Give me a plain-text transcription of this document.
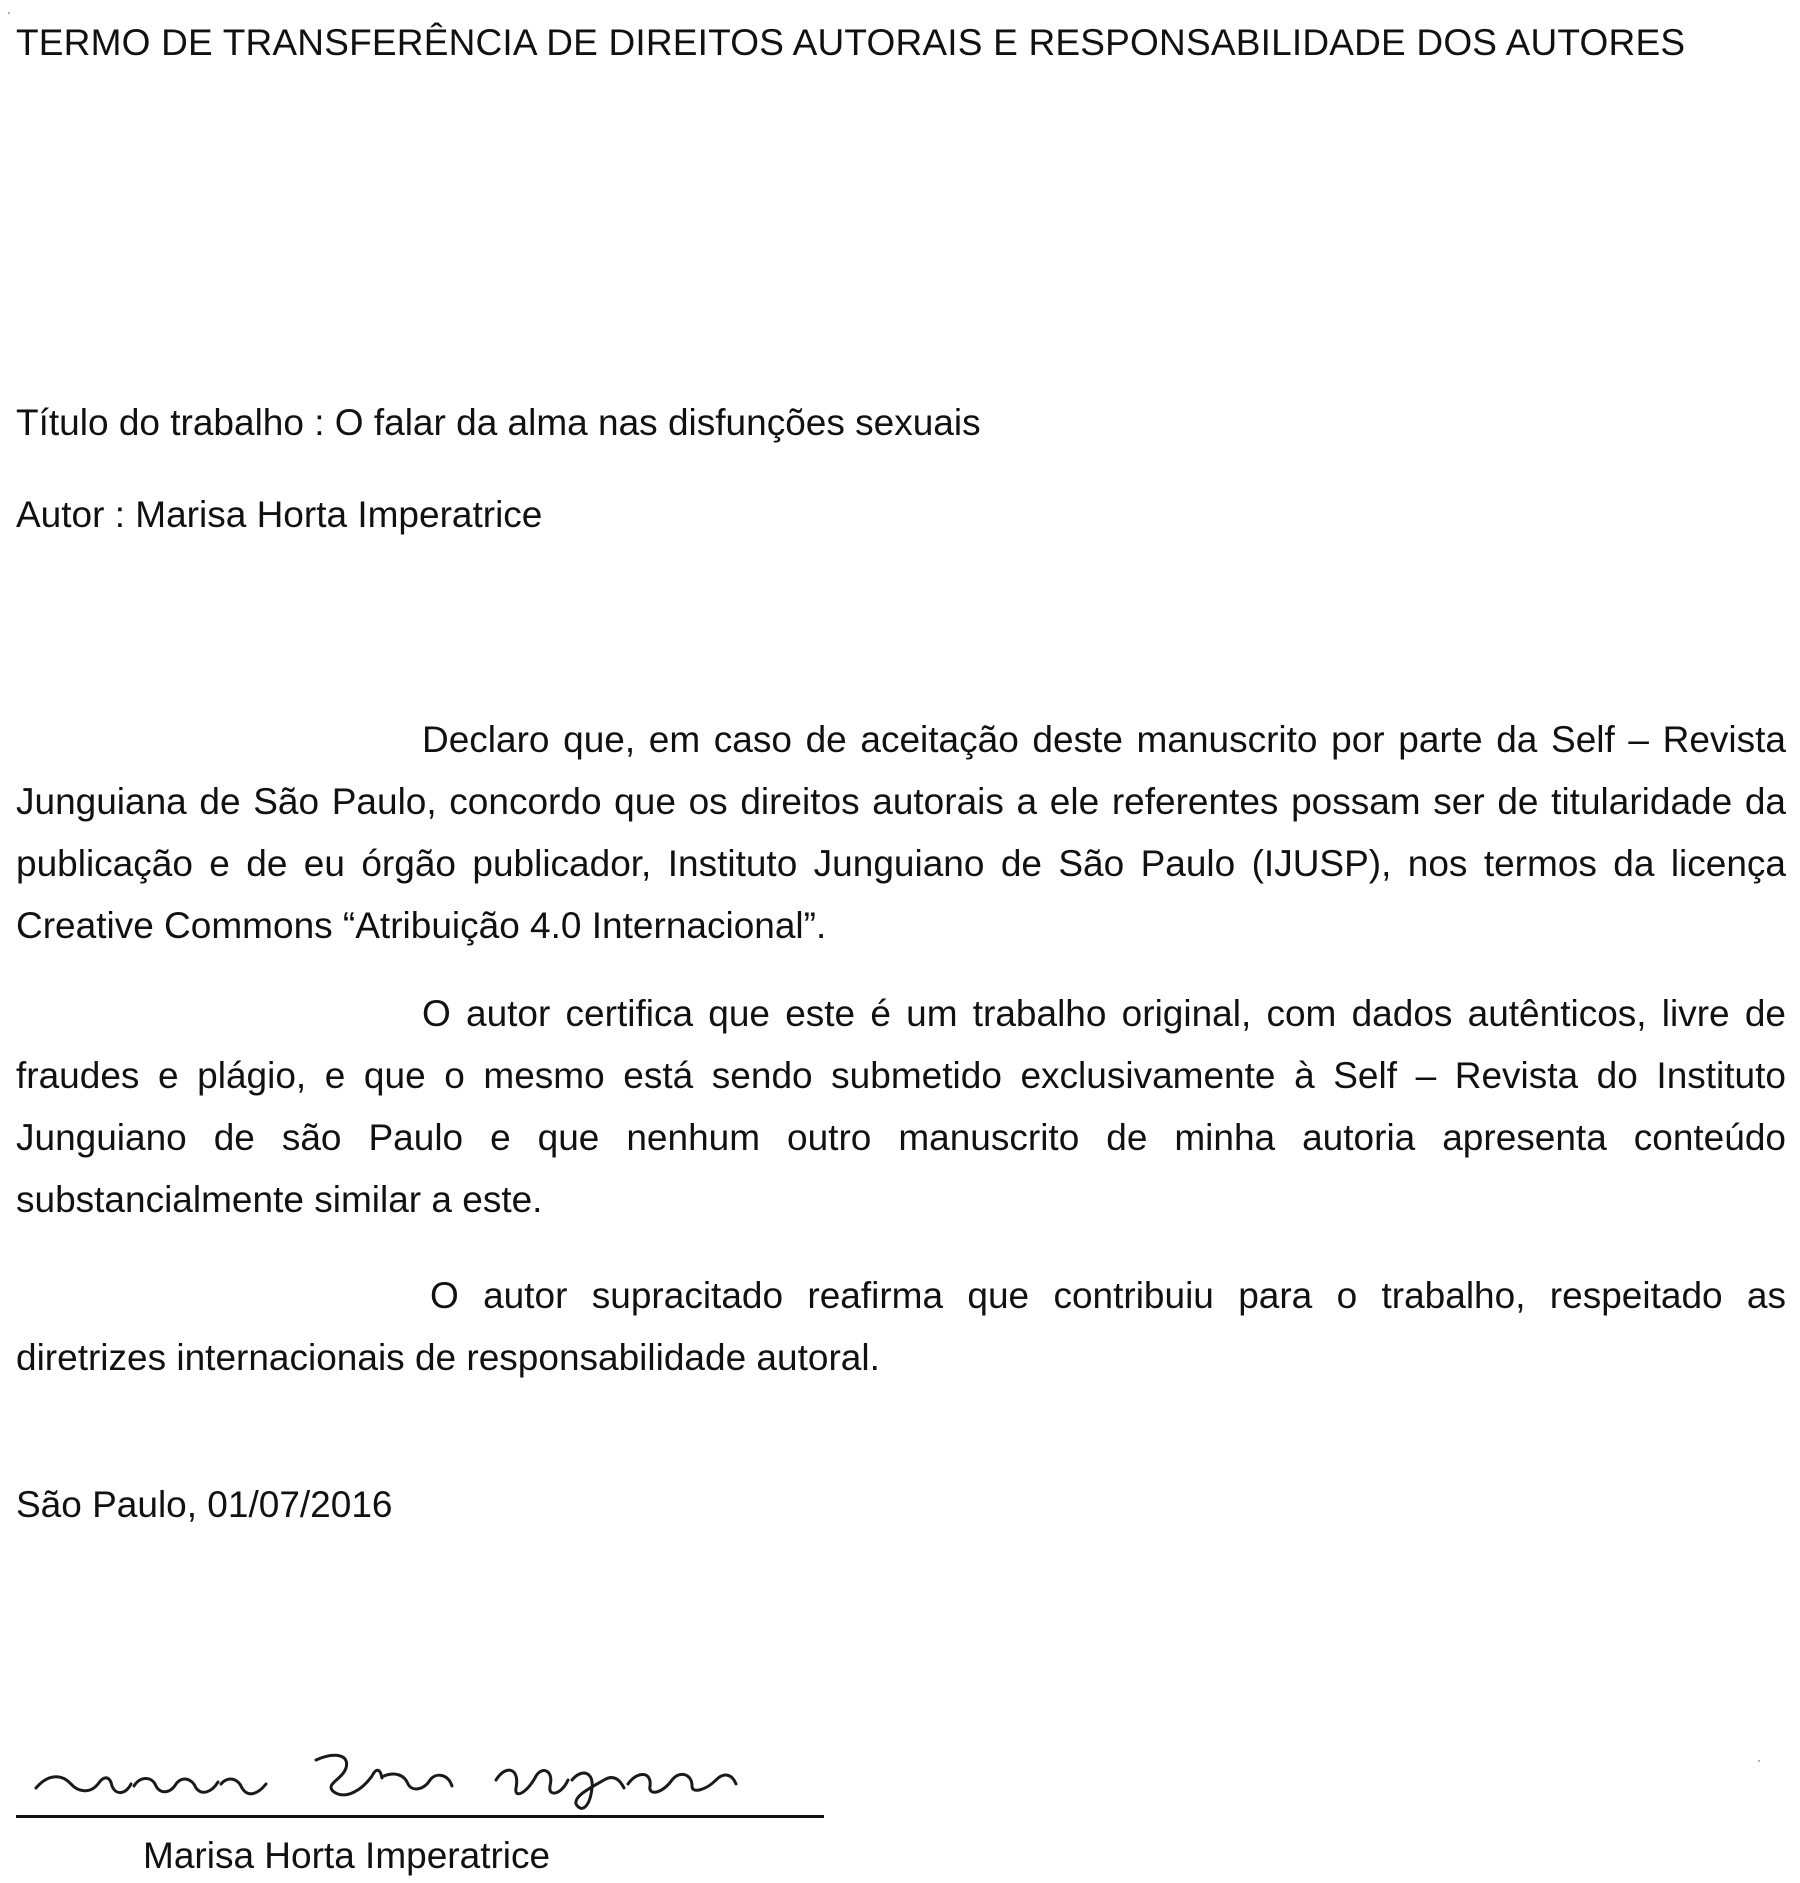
TERMO DE TRANSFERÊNCIA DE DIREITOS AUTORAIS E RESPONSABILIDADE DOS AUTORES
Título do trabalho : O falar da alma nas disfunções sexuais
Autor : Marisa Horta Imperatrice

Declaro que, em caso de aceitação deste manuscrito por parte da Self – Revista Junguiana de São Paulo, concordo que os direitos autorais a ele referentes possam ser de titularidade da publicação e de eu órgão publicador, Instituto Junguiano de São Paulo (IJUSP), nos termos da licença Creative Commons “Atribuição 4.0 Internacional”.

O autor certifica que este é um trabalho original, com dados autênticos, livre de fraudes e plágio, e que o mesmo está sendo submetido exclusivamente à Self – Revista do Instituto Junguiano de são Paulo e que nenhum outro manuscrito de minha autoria apresenta conteúdo substancialmente similar a este.

O autor supracitado reafirma que contribuiu para o trabalho, respeitado as diretrizes internacionais de responsabilidade autoral.

São Paulo, 01/07/2016
Marisa Horta Imperatrice
